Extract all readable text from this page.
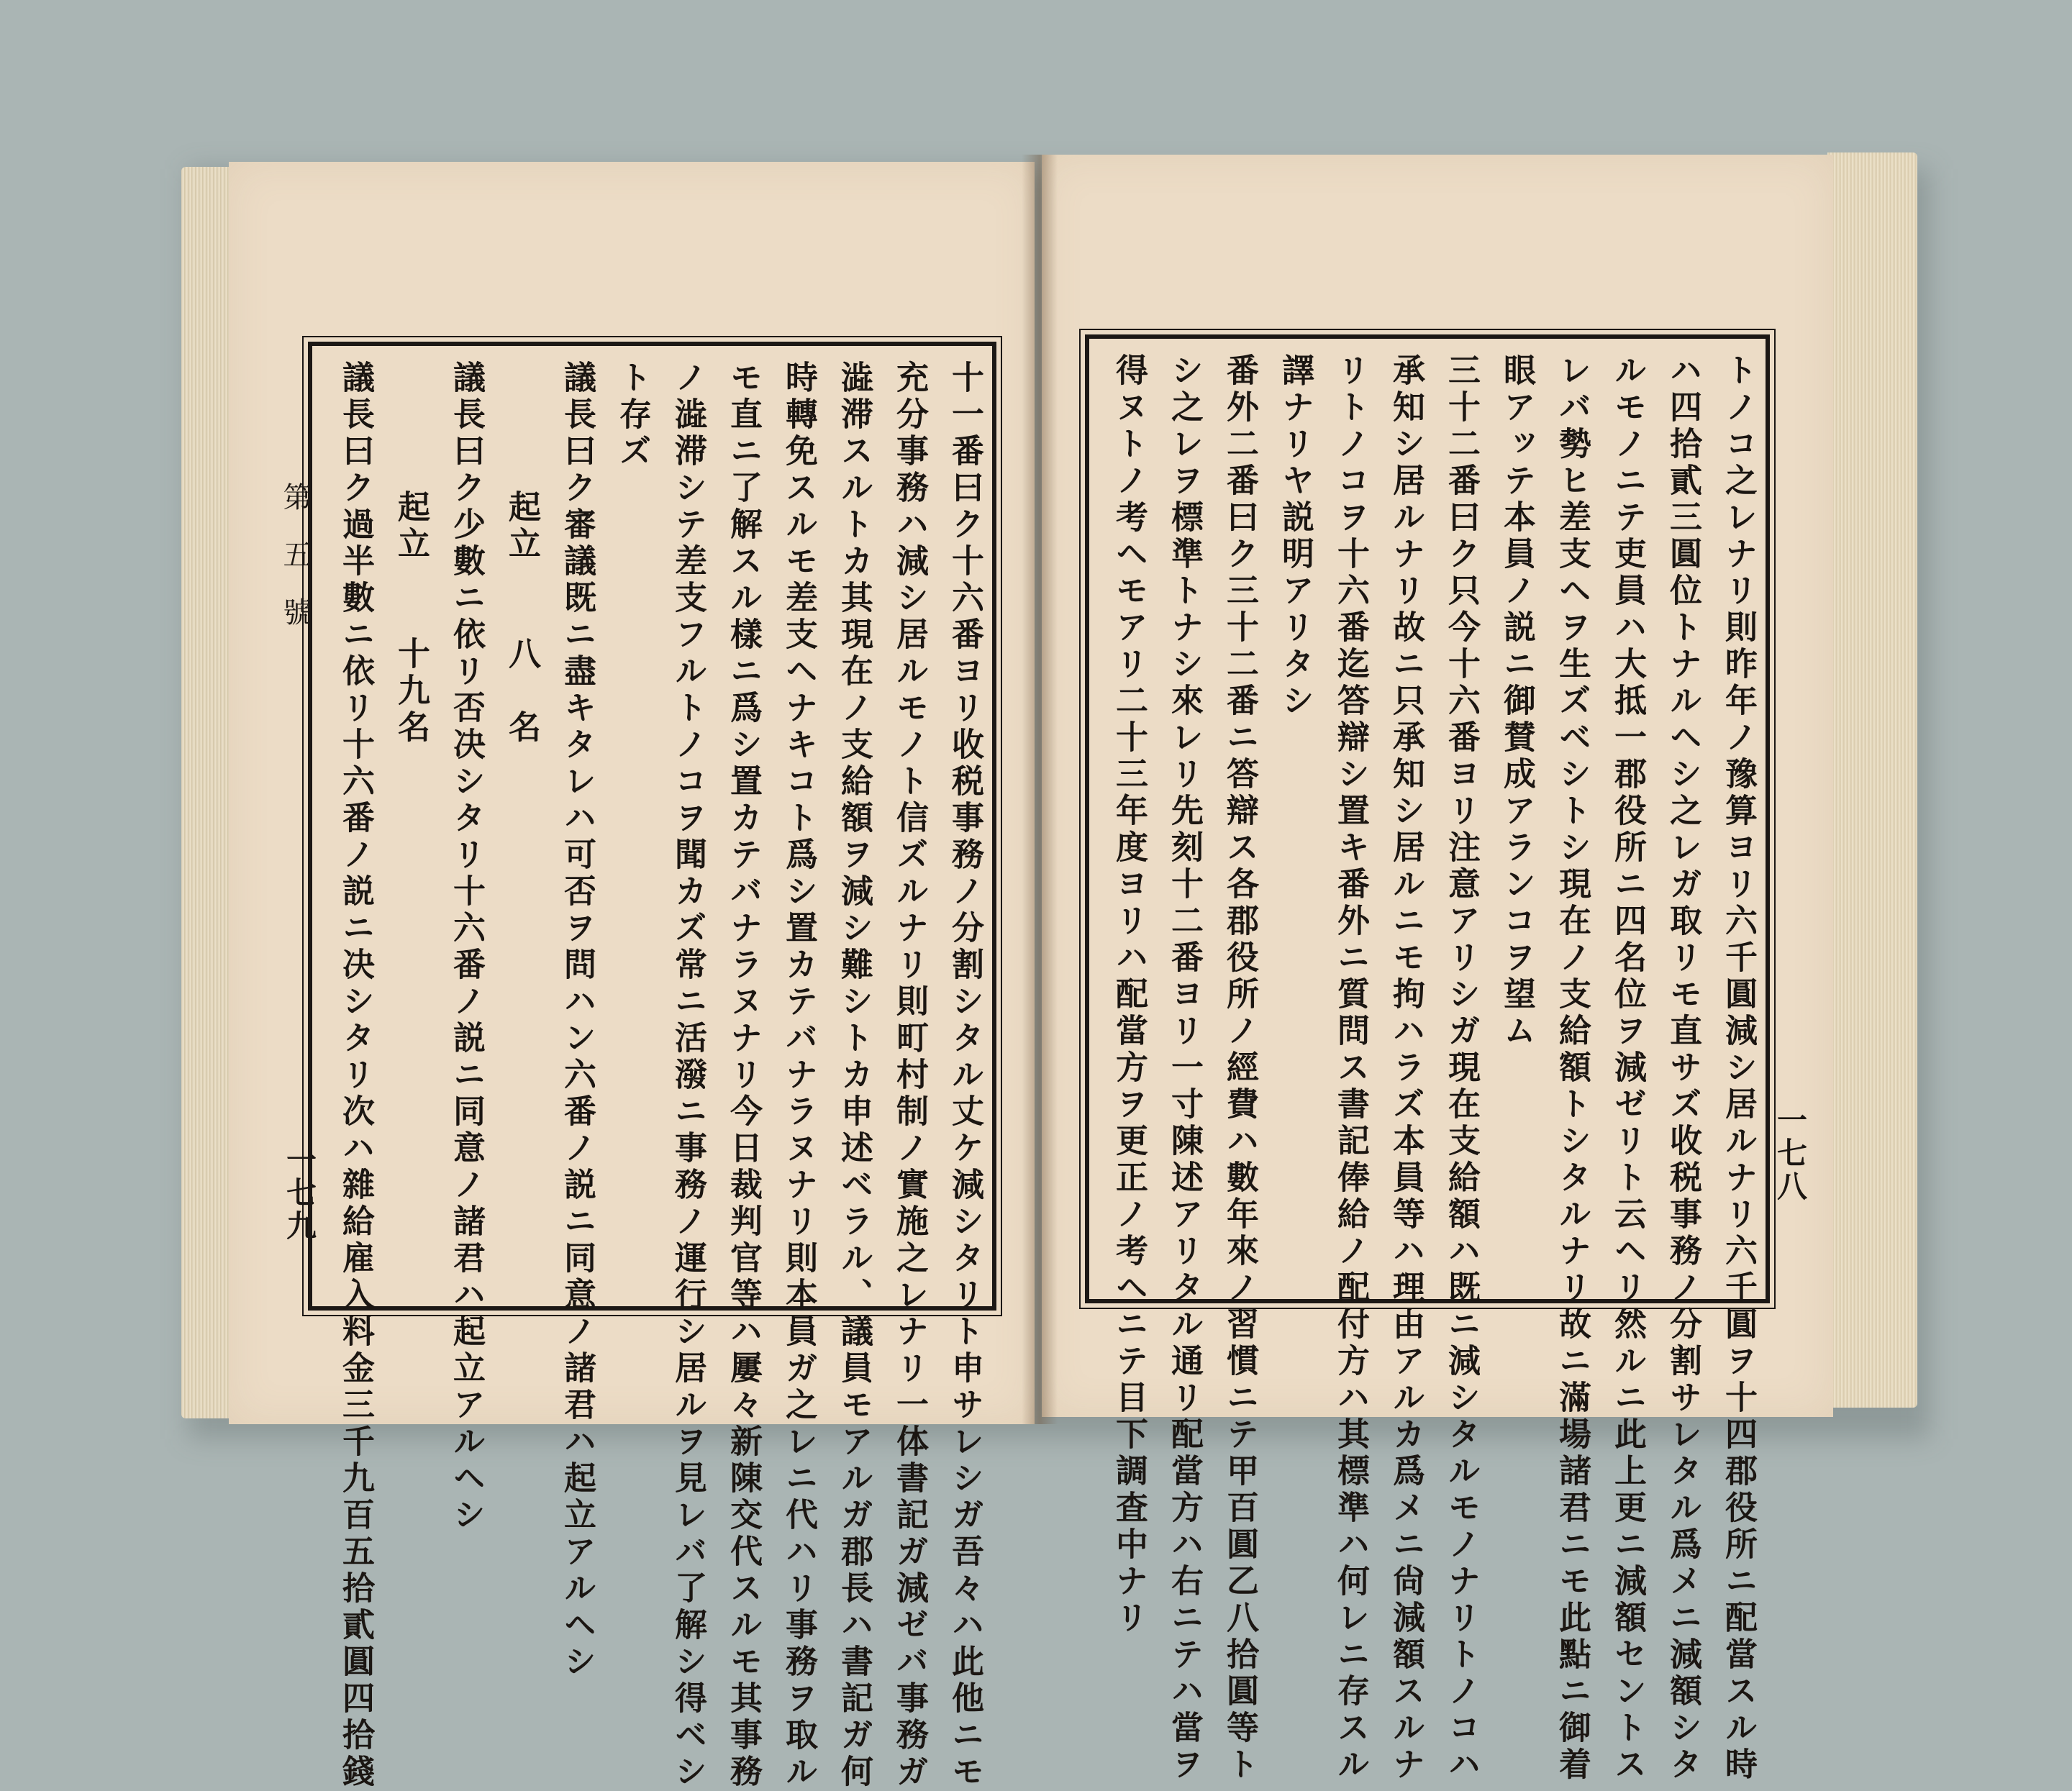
第五號
一七九	一七八
十一番曰ク十六番ヨリ收税事務ノ分割シタル丈ケ減シタリト申サレシガ吾々ハ此他ニモ
充分事務ハ減シ居ルモノト信ズルナリ則町村制ノ實施之レナリ一体書記ガ減ゼバ事務ガ
澁滞スルトカ其現在ノ支給額ヲ減シ難シトカ申述ベラル、議員モアルガ郡長ハ書記ガ何
時轉免スルモ差支ヘナキコト爲シ置カテバナラヌナリ則本員ガ之レニ代ハリ事務ヲ取ル
モ直ニ了解スル樣ニ爲シ置カテバナラヌナリ今日裁判官等ハ屢々新陳交代スルモ其事務
ノ澁滞シテ差支フルトノコヲ聞カズ常ニ活潑ニ事務ノ運行シ居ルヲ見レバ了解シ得ベシ
ト存ズ
議長曰ク審議既ニ盡キタレハ可否ヲ問ハン六番ノ説ニ同意ノ諸君ハ起立アルヘシ
起立　　八　名
議長曰ク少數ニ依リ否决シタリ十六番ノ説ニ同意ノ諸君ハ起立アルヘシ
起立　　十九名
議長曰ク過半數ニ依リ十六番ノ説ニ决シタリ次ハ雜給雇入料金三千九百五拾貳圓四拾錢	トノコ之レナリ則昨年ノ豫算ヨリ六千圓減シ居ルナリ六千圓ヲ十四郡役所ニ配當スル時
ハ四拾貳三圓位トナルヘシ之レガ取リモ直サズ收税事務ノ分割サレタル爲メニ減額シタ
ルモノニテ吏員ハ大抵一郡役所ニ四名位ヲ減ゼリト云ヘリ然ルニ此上更ニ減額セントス
レバ勢ヒ差支ヘヲ生ズベシトシ現在ノ支給額トシタルナリ故ニ滿場諸君ニモ此點ニ御着
眼アッテ本員ノ説ニ御賛成アランコヲ望ム
三十二番曰ク只今十六番ヨリ注意アリシガ現在支給額ハ既ニ減シタルモノナリトノコハ
承知シ居ルナリ故ニ只承知シ居ルニモ拘ハラズ本員等ハ理由アルカ爲メニ尙減額スルナ
リトノコヲ十六番迄答辯シ置キ番外ニ質問ス書記俸給ノ配付方ハ其標準ハ何レニ存スル
譯ナリヤ説明アリタシ
番外二番曰ク三十二番ニ答辯ス各郡役所ノ經費ハ數年來ノ習慣ニテ甲百圓乙八拾圓等ト
シ之レヲ標準トナシ來レリ先刻十二番ヨリ一寸陳述アリタル通リ配當方ハ右ニテハ當ヲ
得ヌトノ考ヘモアリ二十三年度ヨリハ配當方ヲ更正ノ考ヘニテ目下調査中ナリ
